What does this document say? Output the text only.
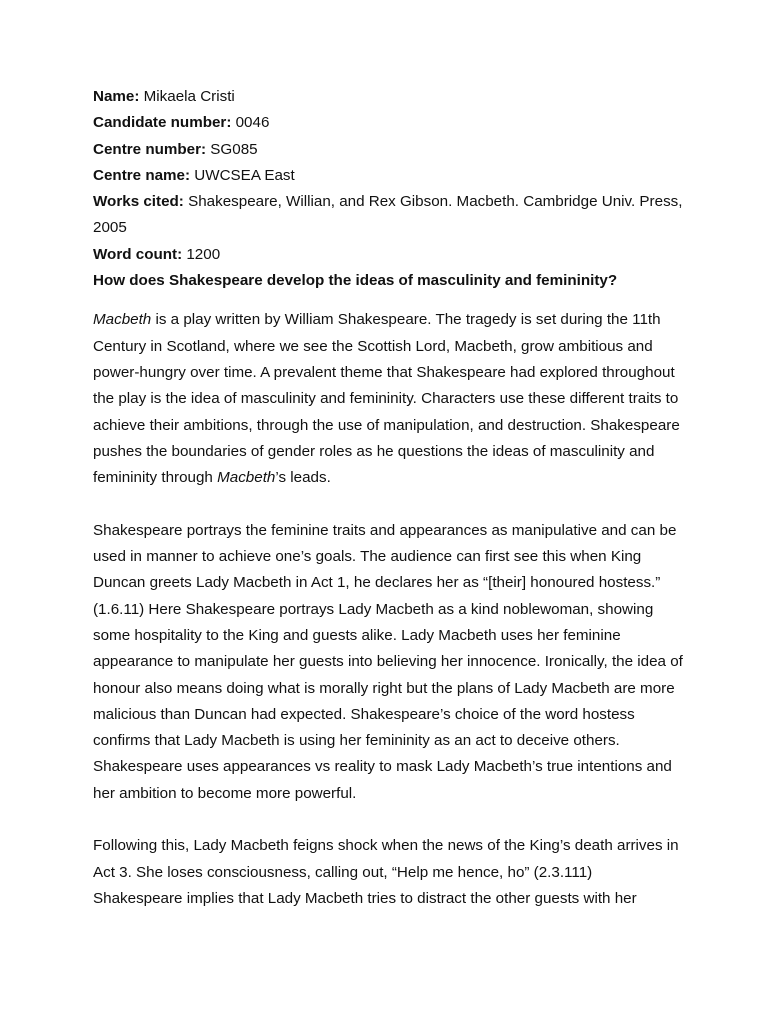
Name: Mikaela Cristi

Candidate number: 0046

Centre number: SG085

Centre name: UWCSEA East

Works cited: Shakespeare, Willian, and Rex Gibson. Macbeth. Cambridge Univ. Press, 2005

Word count: 1200

How does Shakespeare develop the ideas of masculinity and femininity?

Macbeth is a play written by William Shakespeare. The tragedy is set during the 11th Century in Scotland, where we see the Scottish Lord, Macbeth, grow ambitious and power-hungry over time. A prevalent theme that Shakespeare had explored throughout the play is the idea of masculinity and femininity. Characters use these different traits to achieve their ambitions, through the use of manipulation, and destruction. Shakespeare pushes the boundaries of gender roles as he questions the ideas of masculinity and femininity through Macbeth’s leads.

Shakespeare portrays the feminine traits and appearances as manipulative and can be used in manner to achieve one’s goals. The audience can first see this when King Duncan greets Lady Macbeth in Act 1, he declares her as “[their] honoured hostess.” (1.6.11) Here Shakespeare portrays Lady Macbeth as a kind noblewoman, showing some hospitality to the King and guests alike. Lady Macbeth uses her feminine appearance to manipulate her guests into believing her innocence. Ironically, the idea of honour also means doing what is morally right but the plans of Lady Macbeth are more malicious than Duncan had expected. Shakespeare’s choice of the word hostess confirms that Lady Macbeth is using her femininity as an act to deceive others. Shakespeare uses appearances vs reality to mask Lady Macbeth’s true intentions and her ambition to become more powerful.

Following this, Lady Macbeth feigns shock when the news of the King’s death arrives in Act 3. She loses consciousness, calling out, “Help me hence, ho” (2.3.111) Shakespeare implies that Lady Macbeth tries to distract the other guests with her
